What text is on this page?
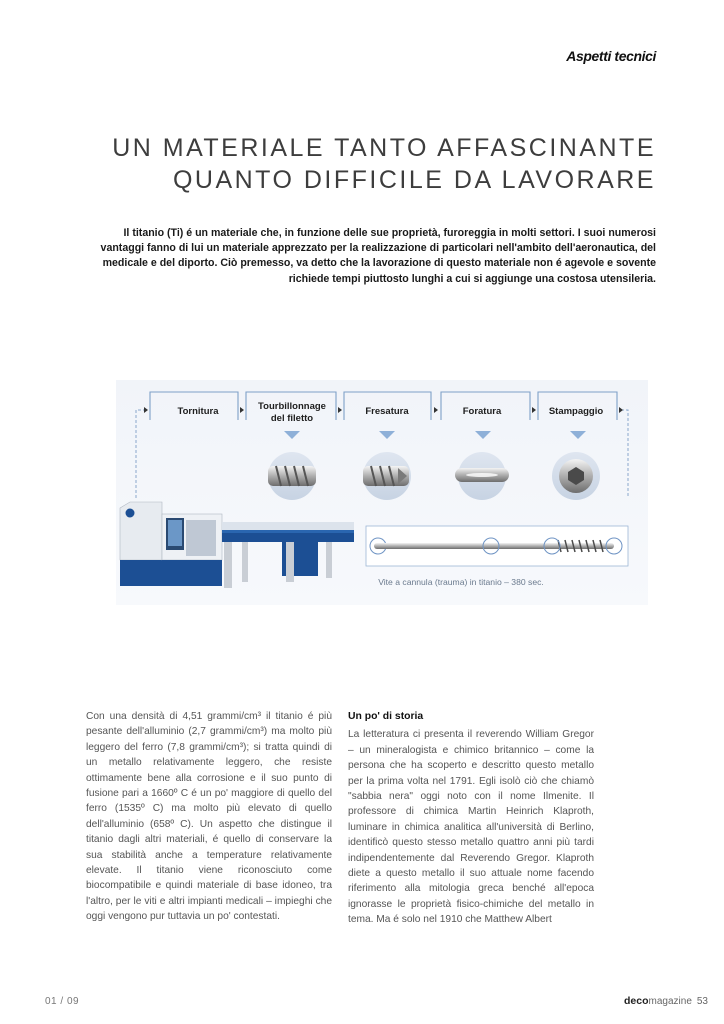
Aspetti tecnici
UN MATERIALE TANTO AFFASCINANTE
QUANTO DIFFICILE DA LAVORARE
Il titanio (Ti) é un materiale che, in funzione delle sue proprietà, furoreggia in molti settori. I suoi numerosi vantaggi fanno di lui un materiale apprezzato per la realizzazione di particolari nell'ambito dell'aeronautica, del medicale e del diporto. Ciò premesso, va detto che la lavorazione di questo materiale non é agevole e sovente richiede tempi piuttosto lunghi a cui si aggiunge una costosa utensileria.
Tornitura	Tourbillonnage
del filetto
Fresatura	Foratura	Stampaggio
Vite a cannula (trauma) in titanio – 380 sec.

Con una densità di 4,51 grammi/cm³ il titanio é più pesante dell'alluminio (2,7 grammi/cm³) ma molto più leggero del ferro (7,8 grammi/cm³); si tratta quindi di un metallo relativamente leggero, che resiste ottimamente bene alla corrosione e il suo punto di fusione pari a 1660º C é un po' maggiore di quello del ferro (1535º C) ma molto più elevato di quello dell'alluminio (658º C). Un aspetto che distingue il titanio dagli altri materiali, é quello di conservare la sua stabilità anche a temperature relativamente elevate. Il titanio viene riconosciuto come biocompatibile e quindi materiale di base idoneo, tra l'altro, per le viti e altri impianti medicali – impieghi che oggi vengono pur tuttavia un po' contestati.

Un po' di storia

La letteratura ci presenta il reverendo William Gregor – un mineralogista e chimico britannico – come la persona che ha scoperto e descritto questo metallo per la prima volta nel 1791. Egli isolò ciò che chiamò "sabbia nera" oggi noto con il nome Ilmenite. Il professore di chimica Martin Heinrich Klaproth, luminare in chimica analitica all'università di Berlino, identificò questo stesso metallo quattro anni più tardi indipendentemente dal Reverendo Gregor. Klaproth diete a questo metallo il suo attuale nome facendo riferimento alla mitologia greca benché all'epoca ignorasse le proprietà fisico-chimiche del metallo in tema. Ma é solo nel 1910 che Matthew Albert

01 / 09	decomagazine 53
